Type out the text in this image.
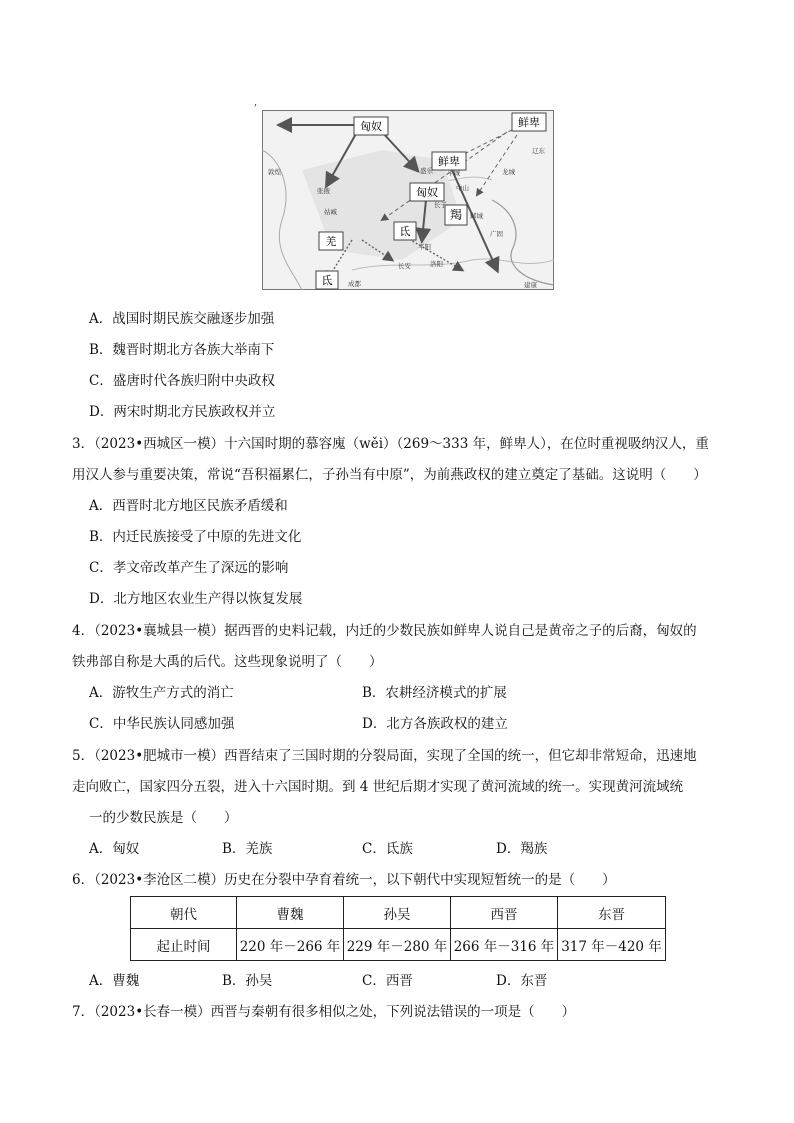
,
匈奴	鲜卑
鲜卑
匈奴
羯
羌
氐
氐
敦煌
张掖
姑臧
盛乐 平城
中山
长子
邺城
平阳
洛阳
长安
成都
广固
龙城
辽东
建康
A．战国时期民族交融逐步加强
B．魏晋时期北方各族大举南下
C．盛唐时代各族归附中央政权
D．两宋时期北方民族政权并立
3．（2023•西城区一模）十六国时期的慕容廆（wěi）（269～333 年，鲜卑人），在位时重视吸纳汉人，重
用汉人参与重要决策，常说“吾积福累仁，子孙当有中原”，为前燕政权的建立奠定了基础。这说明（　　）
A．西晋时北方地区民族矛盾缓和
B．内迁民族接受了中原的先进文化
C．孝文帝改革产生了深远的影响
D．北方地区农业生产得以恢复发展
4．（2023•襄城县一模）据西晋的史料记载，内迁的少数民族如鲜卑人说自己是黄帝之子的后裔，匈奴的
铁弗部自称是大禹的后代。这些现象说明了（　　）
A．游牧生产方式的消亡	B．农耕经济模式的扩展
C．中华民族认同感加强	D．北方各族政权的建立
5．（2023•肥城市一模）西晋结束了三国时期的分裂局面，实现了全国的统一，但它却非常短命，迅速地
走向败亡，国家四分五裂，进入十六国时期。到 4 世纪后期才实现了黄河流域的统一。实现黄河流域统
一的少数民族是（　　）
A．匈奴	B．羌族	C．氐族	D．羯族
6．（2023•李沧区二模）历史在分裂中孕育着统一，以下朝代中实现短暂统一的是（　　）
朝代	曹魏	孙吴	西晋	东晋
起止时间	220 年－266 年	229 年－280 年	266 年－316 年	317 年－420 年
A．曹魏	B．孙吴	C．西晋	D．东晋
7．（2023•长春一模）西晋与秦朝有很多相似之处，下列说法错误的一项是（　　）
